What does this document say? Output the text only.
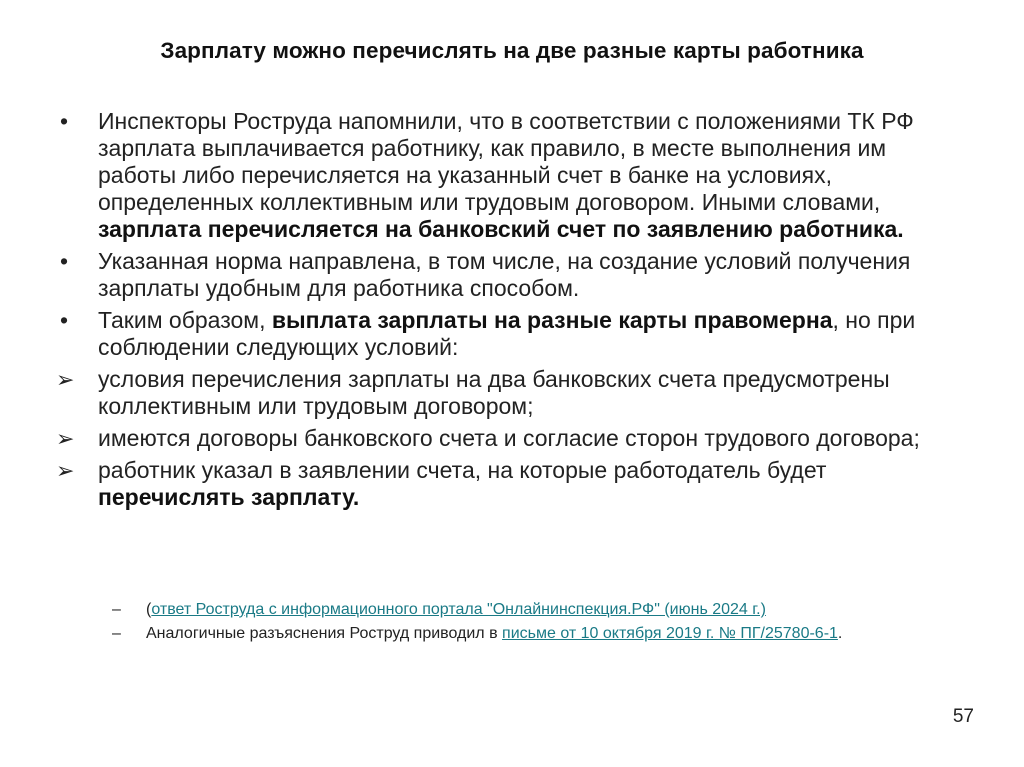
Зарплату можно перечислять на две разные карты работника
•	Инспекторы Роструда напомнили, что в соответствии с положениями ТК РФ зарплата выплачивается работнику, как правило, в месте выполнения им работы либо перечисляется на указанный счет в банке на условиях, определенных коллективным или трудовым договором. Иными словами, зарплата перечисляется на банковский счет по заявлению работника.
•	Указанная норма направлена, в том числе, на создание условий получения зарплаты удобным для работника способом.
•	Таким образом, выплата зарплаты на разные карты правомерна, но при соблюдении следующих условий:
➢	условия перечисления зарплаты на два банковских счета предусмотрены коллективным или трудовым договором;
➢	имеются договоры банковского счета и согласие сторон трудового договора;
➢	работник указал в заявлении счета, на которые работодатель будет перечислять зарплату.
– (ответ Роструда с информационного портала "Онлайнинспекция.РФ" (июнь 2024 г.)
– Аналогичные разъяснения Роструд приводил в письме от 10 октября 2019 г. № ПГ/25780-6-1.
57
